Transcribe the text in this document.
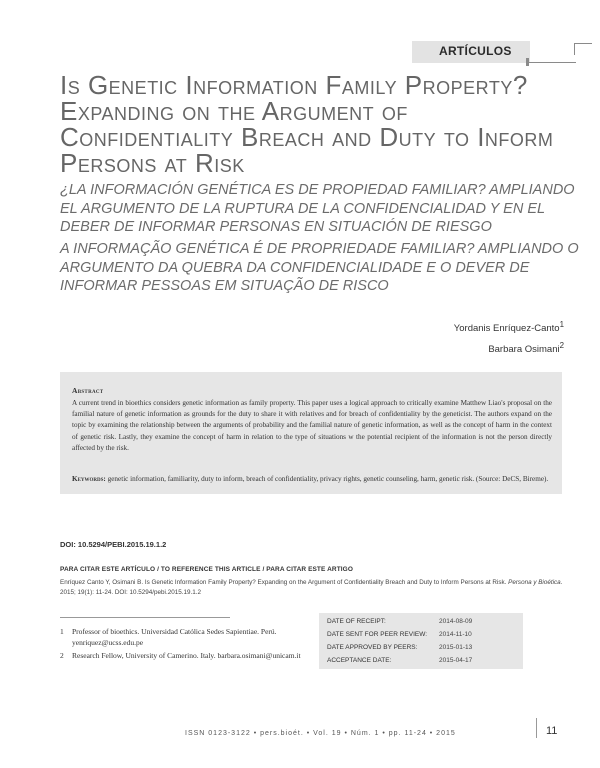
ARTÍCULOS
Is Genetic Information Family Property? Expanding on the Argument of Confidentiality Breach and Duty to Inform Persons at Risk
¿LA INFORMACIÓN GENÉTICA ES DE PROPIEDAD FAMILIAR? AMPLIANDO EL ARGUMENTO DE LA RUPTURA DE LA CONFIDENCIALIDAD Y EN EL DEBER DE INFORMAR PERSONAS EN SITUACIÓN DE RIESGO
A INFORMAÇÃO GENÉTICA É DE PROPRIEDADE FAMILIAR? AMPLIANDO O ARGUMENTO DA QUEBRA DA CONFIDENCIALIDADE E O DEVER DE INFORMAR PESSOAS EM SITUAÇÃO DE RISCO
Yordanis Enríquez-Canto$^1$
Barbara Osimani$^2$
Abstract

A current trend in bioethics considers genetic information as family property. This paper uses a logical approach to critically examine Matthew Liao's proposal on the familial nature of genetic information as grounds for the duty to share it with relatives and for breach of confidentiality by the geneticist. The authors expand on the topic by examining the relationship between the arguments of probability and the familial nature of genetic information, as well as the concept of harm in the context of genetic risk. Lastly, they examine the concept of harm in relation to the type of situations w the potential recipient of the information is not the person directly affected by the risk.

Keywords: genetic information, familiarity, duty to inform, breach of confidentiality, privacy rights, genetic counseling, harm, genetic risk. (Source: DeCS, Bireme).

DOI: 10.5294/PEBI.2015.19.1.2
PARA CITAR ESTE ARTÍCULO / TO REFERENCE THIS ARTICLE / PARA CITAR ESTE ARTIGO

Enríquez Canto Y, Osimani B. Is Genetic Information Family Property? Expanding on the Argument of Confidentiality Breach and Duty to Inform Persons at Risk. Persona y Bioética. 2015; 19(1): 11-24. DOI: 10.5294/pebi.2015.19.1.2

1 Professor of bioethics. Universidad Católica Sedes Sapientiae. Perú. yenriquez@ucss.edu.pe
2 Research Fellow, University of Camerino. Italy. barbara.osimani@unicam.it
DATE OF RECEIPT:	2014-08-09
DATE SENT FOR PEER REVIEW:	2014-11-10
DATE APPROVED BY PEERS:	2015-01-13
ACCEPTANCE DATE:	2015-04-17
ISSN 0123-3122 • pers.bioét. • Vol. 19 • Núm. 1 • pp. 11-24 • 2015	11
